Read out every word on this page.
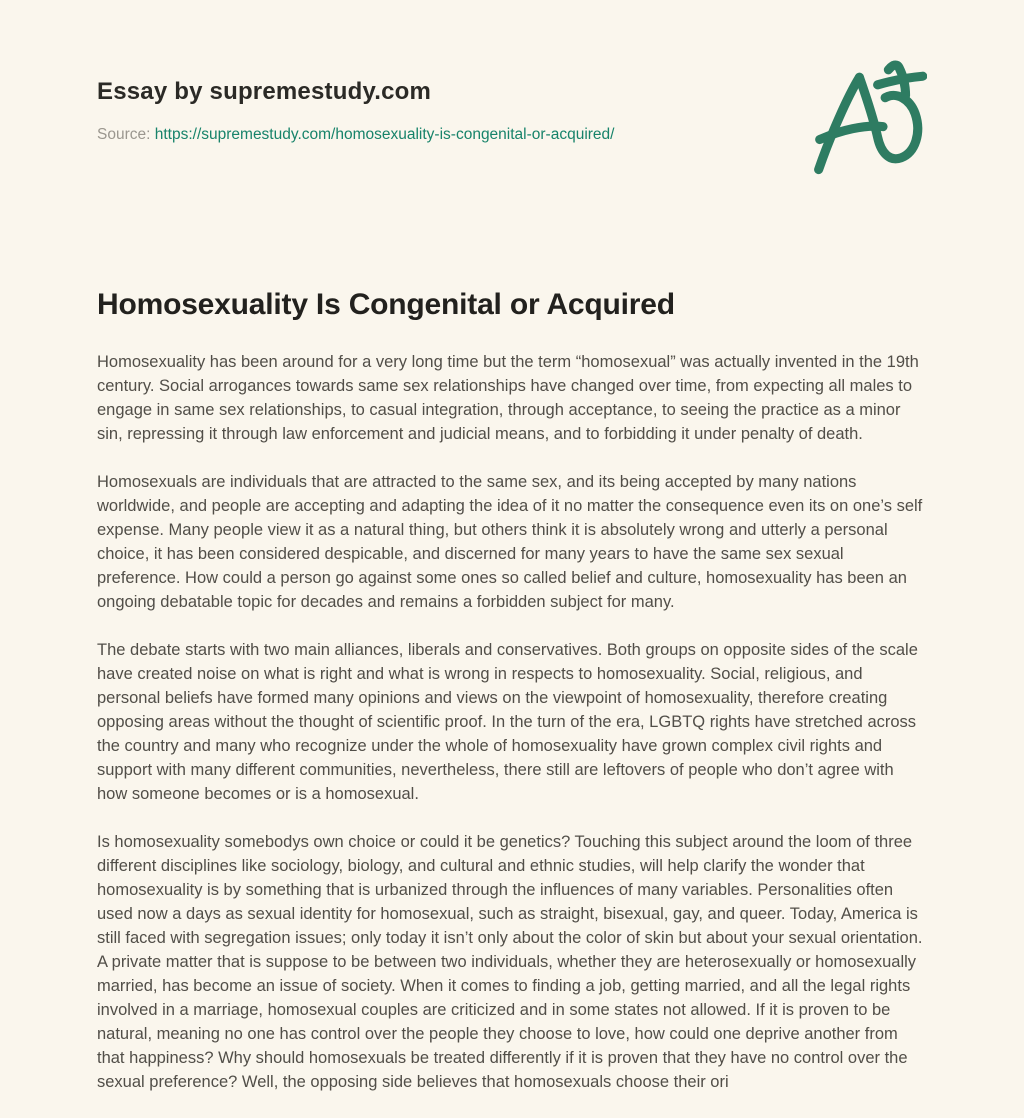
Essay by supremestudy.com
Source: https://supremestudy.com/homosexuality-is-congenital-or-acquired/
Homosexuality Is Congenital or Acquired

Homosexuality has been around for a very long time but the term “homosexual” was actually invented in the 19th century. Social arrogances towards same sex relationships have changed over time, from expecting all males to engage in same sex relationships, to casual integration, through acceptance, to seeing the practice as a minor sin, repressing it through law enforcement and judicial means, and to forbidding it under penalty of death.

Homosexuals are individuals that are attracted to the same sex, and its being accepted by many nations worldwide, and people are accepting and adapting the idea of it no matter the consequence even its on one’s self expense. Many people view it as a natural thing, but others think it is absolutely wrong and utterly a personal choice, it has been considered despicable, and discerned for many years to have the same sex sexual preference. How could a person go against some ones so called belief and culture, homosexuality has been an ongoing debatable topic for decades and remains a forbidden subject for many.

The debate starts with two main alliances, liberals and conservatives. Both groups on opposite sides of the scale have created noise on what is right and what is wrong in respects to homosexuality. Social, religious, and personal beliefs have formed many opinions and views on the viewpoint of homosexuality, therefore creating opposing areas without the thought of scientific proof. In the turn of the era, LGBTQ rights have stretched across the country and many who recognize under the whole of homosexuality have grown complex civil rights and support with many different communities, nevertheless, there still are leftovers of people who don’t agree with how someone becomes or is a homosexual.

Is homosexuality somebodys own choice or could it be genetics? Touching this subject around the loom of three different disciplines like sociology, biology, and cultural and ethnic studies, will help clarify the wonder that homosexuality is by something that is urbanized through the influences of many variables. Personalities often used now a days as sexual identity for homosexual, such as straight, bisexual, gay, and queer. Today, America is still faced with segregation issues; only today it isn’t only about the color of skin but about your sexual orientation. A private matter that is suppose to be between two individuals, whether they are heterosexually or homosexually married, has become an issue of society. When it comes to finding a job, getting married, and all the legal rights involved in a marriage, homosexual couples are criticized and in some states not allowed. If it is proven to be natural, meaning no one has control over the people they choose to love, how could one deprive another from that happiness? Why should homosexuals be treated differently if it is proven that they have no control over the sexual preference? Well, the opposing side believes that homosexuals choose their ori
